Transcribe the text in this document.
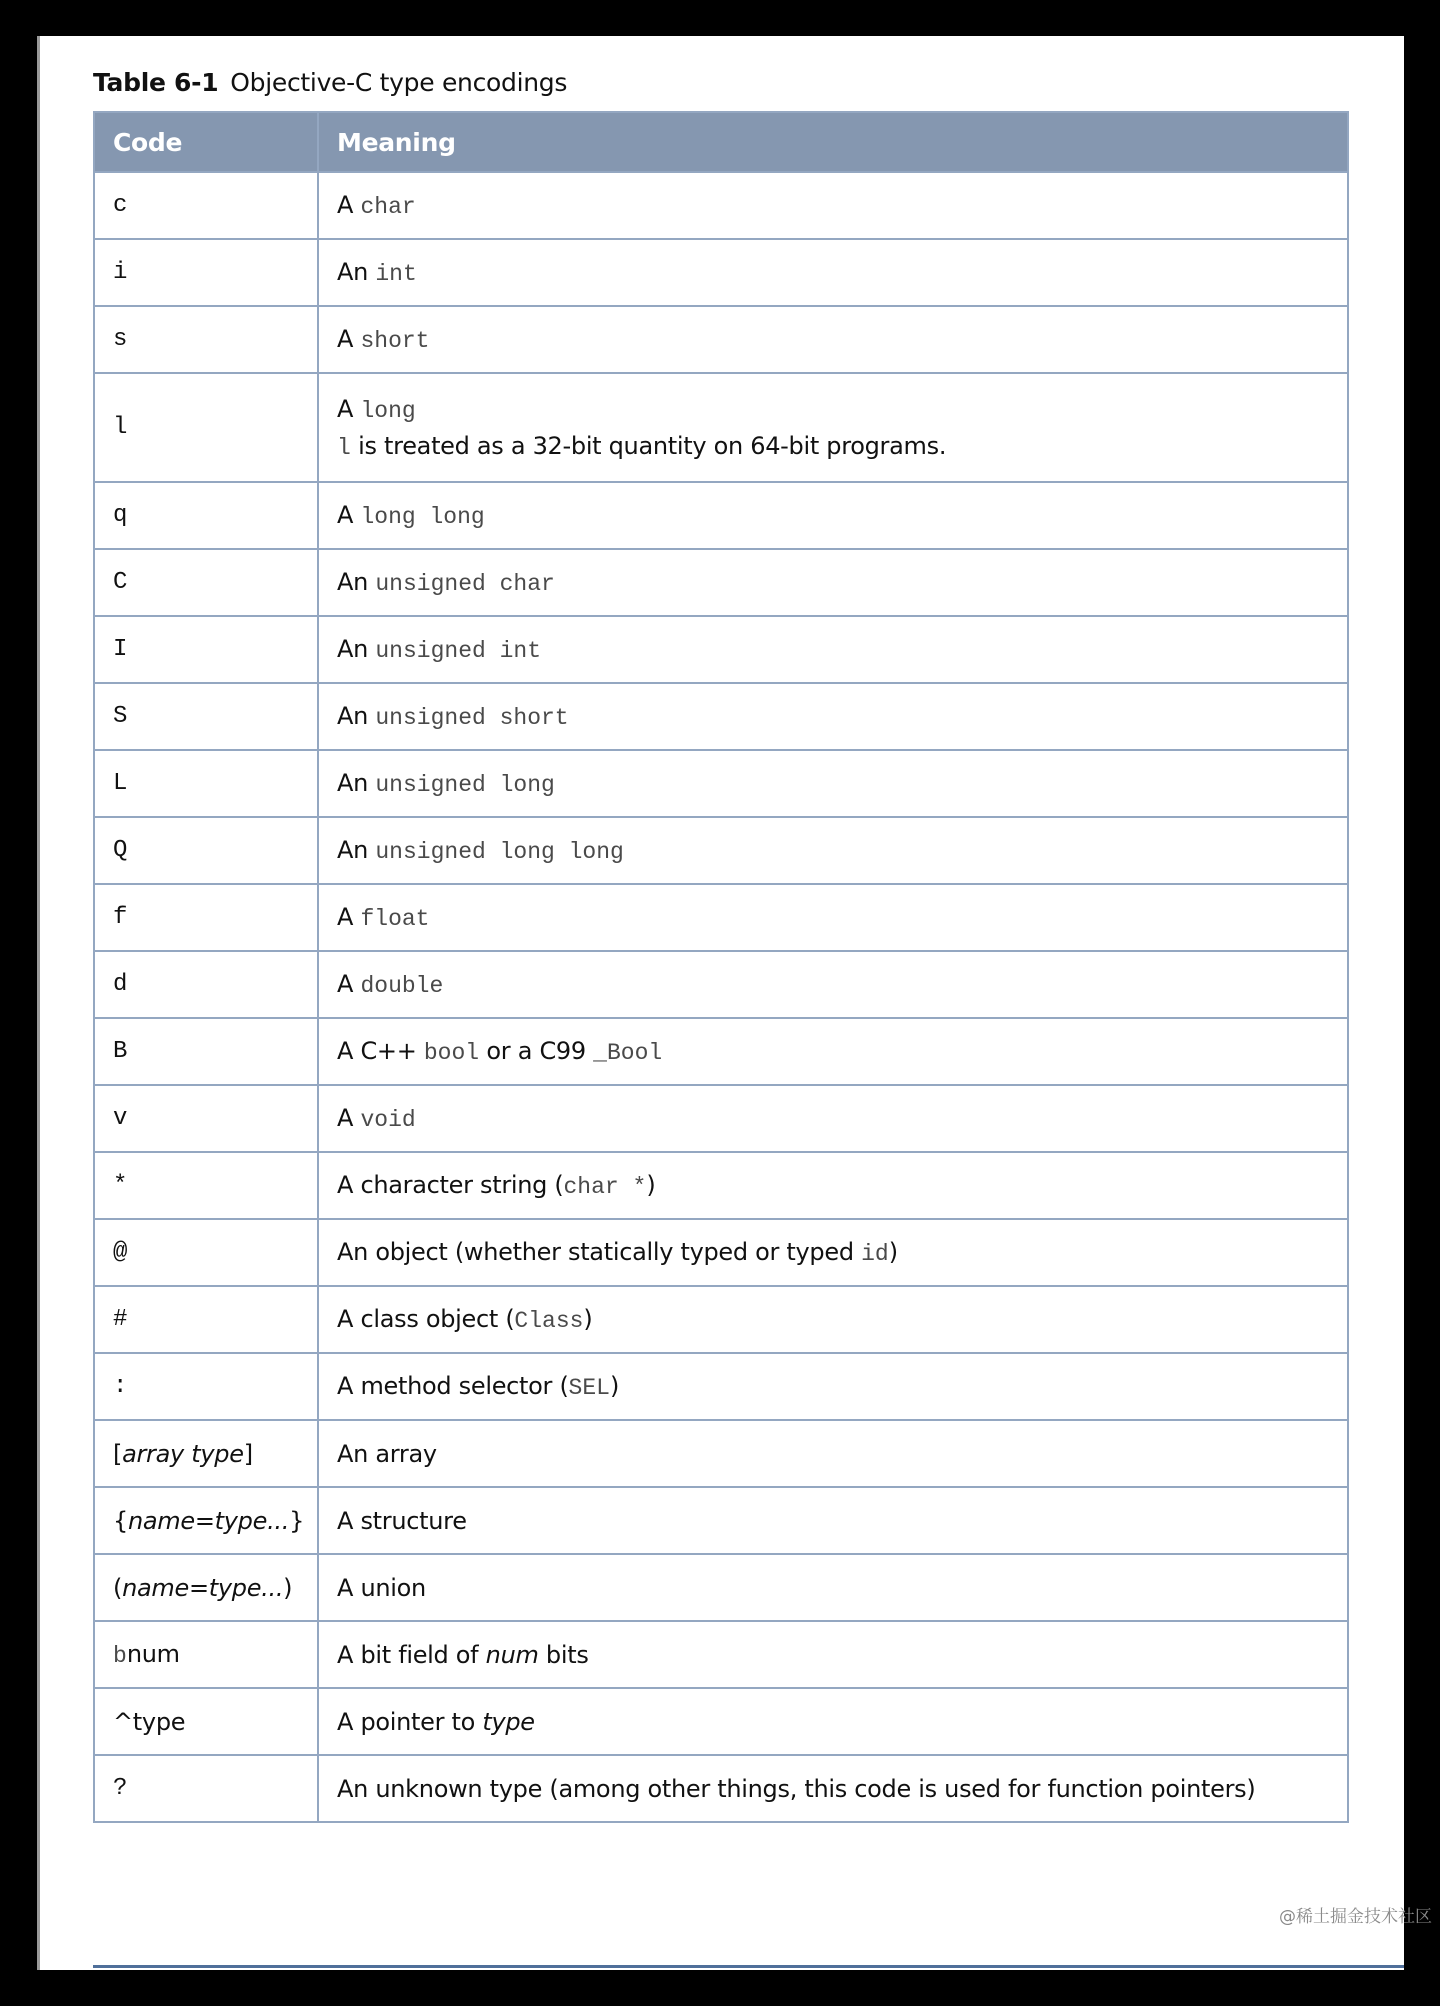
Table 6-1 Objective-C type encodings
Code	Meaning
c	A char
i	An int
s	A short
l	A long
l is treated as a 32-bit quantity on 64-bit programs.

q	A long long
C	An unsigned char
I	An unsigned int
S	An unsigned short
L	An unsigned long
Q	An unsigned long long
f	A float
d	A double
B	A C++ bool or a C99 _Bool
v	A void
*	A character string (char *)
@	An object (whether statically typed or typed id)
#	A class object (Class)
:	A method selector (SEL)
[array type]	An array
{name=type...}	A structure
(name=type...)	A union
bnum	A bit field of num bits
^type	A pointer to type
?	An unknown type (among other things, this code is used for function pointers)
@稀土掘金技术社区
